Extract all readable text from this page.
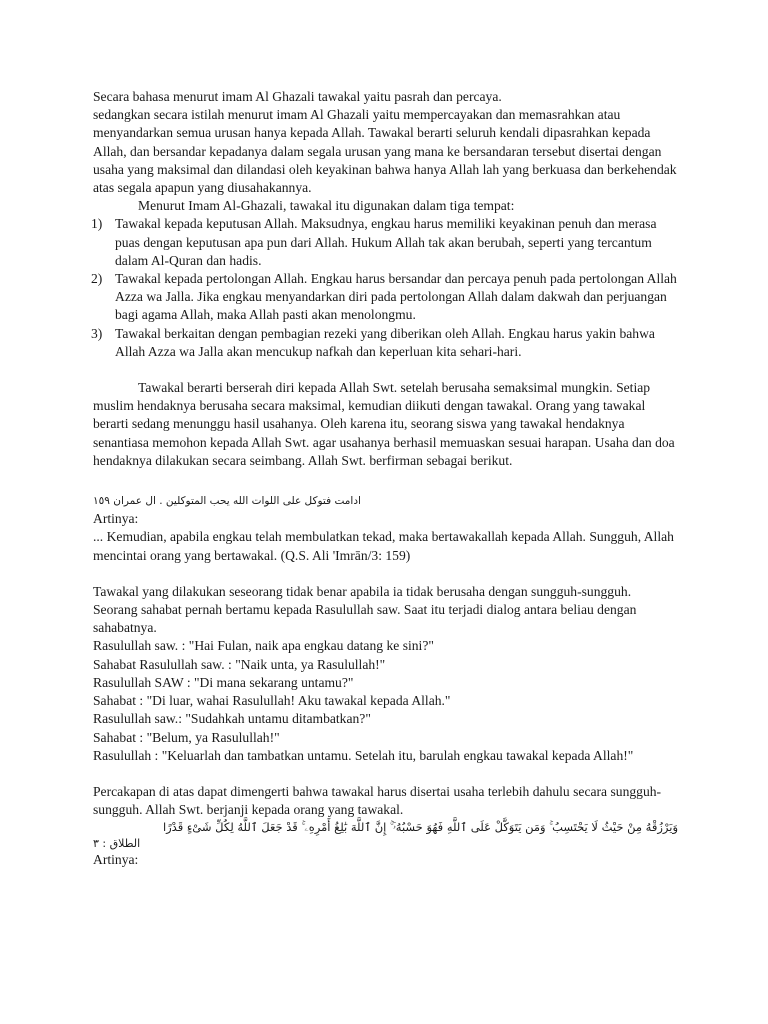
Secara bahasa menurut imam Al Ghazali tawakal yaitu pasrah dan percaya.

sedangkan secara istilah menurut imam Al Ghazali yaitu mempercayakan dan memasrahkan atau menyandarkan semua urusan hanya kepada Allah. Tawakal berarti seluruh kendali dipasrahkan kepada Allah, dan bersandar kepadanya dalam segala urusan yang mana ke bersandaran tersebut disertai dengan usaha yang maksimal dan dilandasi oleh keyakinan bahwa hanya Allah lah yang berkuasa dan berkehendak atas segala apapun yang diusahakannya.

Menurut Imam Al-Ghazali, tawakal itu digunakan dalam tiga tempat:

1) Tawakal kepada keputusan Allah. Maksudnya, engkau harus memiliki keyakinan penuh dan merasa puas dengan keputusan apa pun dari Allah. Hukum Allah tak akan berubah, seperti yang tercantum dalam Al-Quran dan hadis.
2) Tawakal kepada pertolongan Allah. Engkau harus bersandar dan percaya penuh pada pertolongan Allah Azza wa Jalla. Jika engkau menyandarkan diri pada pertolongan Allah dalam dakwah dan perjuangan bagi agama Allah, maka Allah pasti akan menolongmu.
3) Tawakal berkaitan dengan pembagian rezeki yang diberikan oleh Allah. Engkau harus yakin bahwa Allah Azza wa Jalla akan mencukup nafkah dan keperluan kita sehari-hari.

Tawakal berarti berserah diri kepada Allah Swt. setelah berusaha semaksimal mungkin. Setiap muslim hendaknya berusaha secara maksimal, kemudian diikuti dengan tawakal. Orang yang tawakal berarti sedang menunggu hasil usahanya. Oleh karena itu, seorang siswa yang tawakal hendaknya senantiasa memohon kepada Allah Swt. agar usahanya berhasil memuaskan sesuai harapan. Usaha dan doa hendaknya dilakukan secara seimbang. Allah Swt. berfirman sebagai berikut.

ادامت فتوكل على اللوات الله يحب المتوكلين . ال عمران ١٥٩

Artinya:

... Kemudian, apabila engkau telah membulatkan tekad, maka bertawakallah kepada Allah. Sungguh, Allah mencintai orang yang bertawakal. (Q.S. Ali 'Imrān/3: 159)

Tawakal yang dilakukan seseorang tidak benar apabila ia tidak berusaha dengan sungguh-sungguh. Seorang sahabat pernah bertamu kepada Rasulullah saw. Saat itu terjadi dialog antara beliau dengan sahabatnya.

Rasulullah saw. : "Hai Fulan, naik apa engkau datang ke sini?"

Sahabat Rasulullah saw. : "Naik unta, ya Rasulullah!"

Rasulullah SAW : "Di mana sekarang untamu?"

Sahabat : "Di luar, wahai Rasulullah! Aku tawakal kepada Allah."

Rasulullah saw.: "Sudahkah untamu ditambatkan?"

Sahabat : "Belum, ya Rasulullah!"

Rasulullah : "Keluarlah dan tambatkan untamu. Setelah itu, barulah engkau tawakal kepada Allah!"

Percakapan di atas dapat dimengerti bahwa tawakal harus disertai usaha terlebih dahulu secara sungguh-sungguh. Allah Swt. berjanji kepada orang yang tawakal.

وَيَرْزُقْهُ مِنْ حَيْثُ لَا يَحْتَسِبُ ۚ وَمَن يَتَوَكَّلْ عَلَى ٱللَّهِ فَهُوَ حَسْبُهُۥٓ ۚ إِنَّ ٱللَّهَ بَٰلِغُ أَمْرِهِۦ ۚ قَدْ جَعَلَ ٱللَّهُ لِكُلِّ شَىْءٍ قَدْرًا

الطلاق : ٣

Artinya:
